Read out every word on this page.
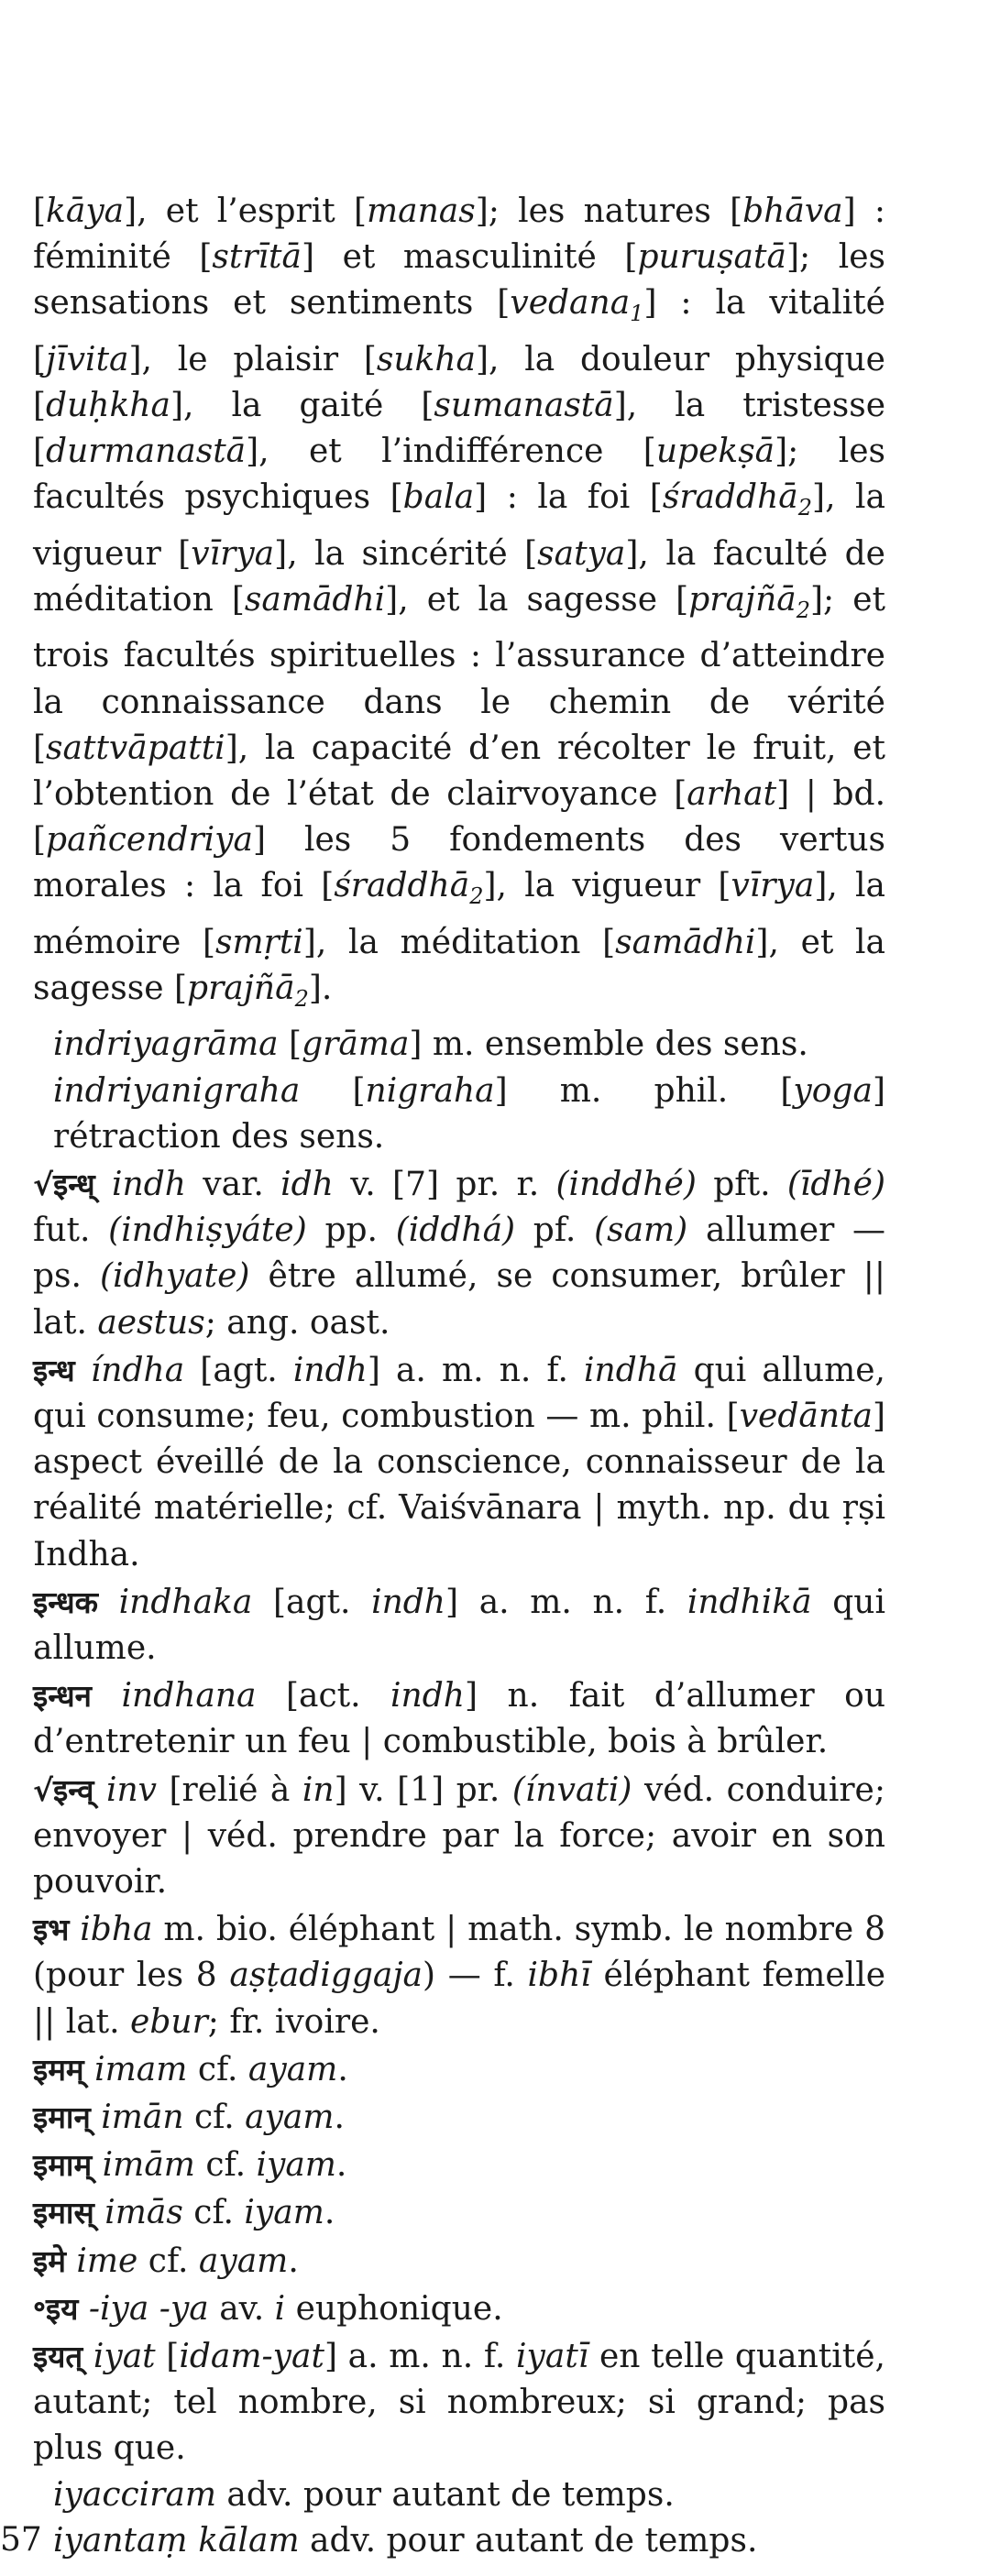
[kāya], et l’esprit [manas]; les natures [bhāva] : féminité [strītā] et masculinité [puruṣatā]; les sensations et sentiments [vedana$_1$] : la vitalité [jīvita], le plaisir [sukha], la douleur physique [duḥkha], la gaité [sumanastā], la tristesse [durmanastā], et l’indifférence [upekṣā]; les facultés psychiques [bala] : la foi [śraddhā$_2$], la vigueur [vīrya], la sincérité [satya], la faculté de méditation [samādhi], et la sagesse [prajñā$_2$]; et trois facultés spirituelles : l’assurance d’atteindre la connaissance dans le chemin de vérité [sattvāpatti], la capacité d’en récolter le fruit, et l’obtention de l’état de clairvoyance [arhat] | bd. [pañcendriya] les 5 fondements des vertus morales : la foi [śraddhā$_2$], la vigueur [vīrya], la mémoire [smṛti], la méditation [samādhi], et la sagesse [prajñā$_2$].

indriyagrāma [grāma] m. ensemble des sens.

indriyanigraha [nigraha] m. phil. [yoga] rétraction des sens.

√इन्ध् indh var. idh v. [7] pr. r. (inddhé) pft. (īdhé) fut. (indhiṣyáte) pp. (iddhá) pf. (sam) allumer — ps. (idhyate) être allumé, se consumer, brûler || lat. aestus; ang. oast.

इन्ध índha [agt. indh] a. m. n. f. indhā qui allume, qui consume; feu, combustion — m. phil. [vedānta] aspect éveillé de la conscience, connaisseur de la réalité matérielle; cf. Vaiśvānara | myth. np. du ṛṣi Indha.

इन्धक indhaka [agt. indh] a. m. n. f. indhikā qui allume.

इन्धन indhana [act. indh] n. fait d’allumer ou d’entretenir un feu | combustible, bois à brûler.

√इन्व् inv [relié à in] v. [1] pr. (ínvati) véd. conduire; envoyer | véd. prendre par la force; avoir en son pouvoir.

इभ ibha m. bio. éléphant | math. symb. le nombre 8 (pour les 8 aṣṭadiggaja) — f. ibhī éléphant femelle || lat. ebur; fr. ivoire.

इमम् imam cf. ayam.

इमान् imān cf. ayam.

इमाम् imām cf. iyam.

इमास् imās cf. iyam.

इमे ime cf. ayam.

॰इय -iya -ya av. i euphonique.

इयत् iyat [idam-yat] a. m. n. f. iyatī en telle quantité, autant; tel nombre, si nombreux; si grand; pas plus que.

iyacciram adv. pour autant de temps.

iyantaṃ kālam adv. pour autant de temps.

57
